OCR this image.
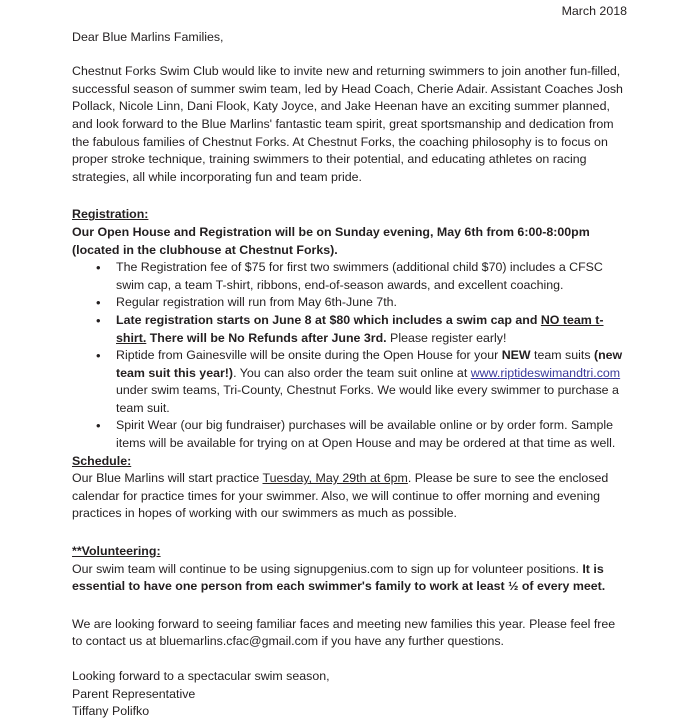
March 2018

Dear Blue Marlins Families,

Chestnut Forks Swim Club would like to invite new and returning swimmers to join another fun-filled, successful season of summer swim team, led by Head Coach, Cherie Adair. Assistant Coaches Josh Pollack, Nicole Linn, Dani Flook, Katy Joyce, and Jake Heenan have an exciting summer planned, and look forward to the Blue Marlins' fantastic team spirit, great sportsmanship and dedication from the fabulous families of Chestnut Forks. At Chestnut Forks, the coaching philosophy is to focus on proper stroke technique, training swimmers to their potential, and educating athletes on racing strategies, all while incorporating fun and team pride.

Registration:

Our Open House and Registration will be on Sunday evening, May 6th from 6:00-8:00pm (located in the clubhouse at Chestnut Forks).

•	The Registration fee of $75 for first two swimmers (additional child $70) includes a CFSC swim cap, a team T-shirt, ribbons, end-of-season awards, and excellent coaching.
•	Regular registration will run from May 6th-June 7th.
•	Late registration starts on June 8 at $80 which includes a swim cap and NO team t-shirt. There will be No Refunds after June 3rd. Please register early!
•	Riptide from Gainesville will be onsite during the Open House for your NEW team suits (new team suit this year!). You can also order the team suit online at www.riptideswimandtri.com under swim teams, Tri-County, Chestnut Forks. We would like every swimmer to purchase a team suit.
•	Spirit Wear (our big fundraiser) purchases will be available online or by order form. Sample items will be available for trying on at Open House and may be ordered at that time as well.

Schedule:

Our Blue Marlins will start practice Tuesday, May 29th at 6pm. Please be sure to see the enclosed calendar for practice times for your swimmer. Also, we will continue to offer morning and evening practices in hopes of working with our swimmers as much as possible.

**Volunteering:

Our swim team will continue to be using signupgenius.com to sign up for volunteer positions. It is essential to have one person from each swimmer's family to work at least ½ of every meet.

We are looking forward to seeing familiar faces and meeting new families this year. Please feel free to contact us at bluemarlins.cfac@gmail.com if you have any further questions.

Looking forward to a spectacular swim season,

Parent Representative

Tiffany Polifko
